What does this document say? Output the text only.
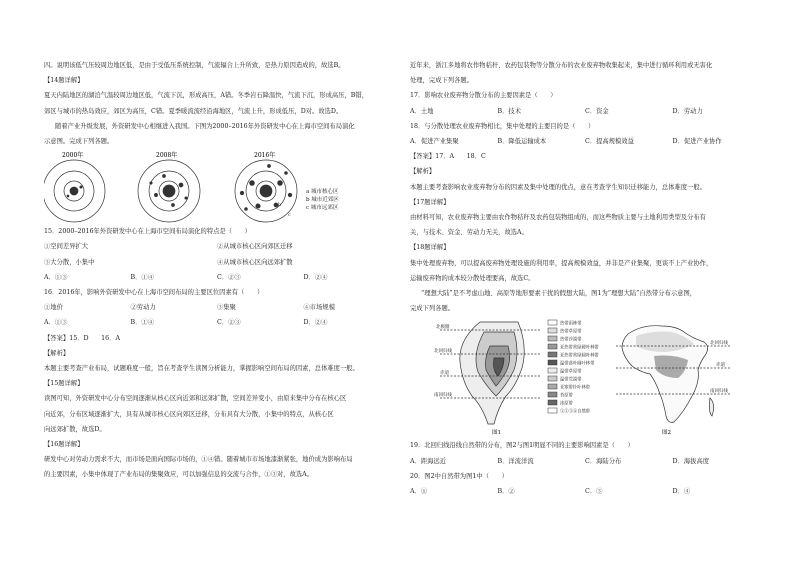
四。说明该低气压较周边地区低，是由于受低压系统控制，气流辐合上升所致，是热力原因造成的，故选B。

【14题详解】

夏天内陆地区的湖泊气温较周边地区低，气流下沉，形成高压，A错。冬季岩石降温快，气流下沉，形成高压，B错，

郊区与城市的热岛效应，郊区为高压，C错。夏季暖流流经沿海地区，气流上升，形成低压，D对。故选D。

随着产业升级发展，外资研发中心相继进入我国。下图为2000–2016年外资研发中心在上海市空间布局演化

示意图。完成下列各题。

2000年	2008年	2016年
a
b
c
a 城市核心区
b 城市近郊区
c 城市远郊区

15．2000–2016年外资研发中心在上海市空间布局演化的特点是（　　）

①空间差异扩大	②从城市核心区向郊区迁移
③大分散，小集中	④从城市核心区向远郊扩散
A．①③	B．①④	C．②③	D．②④

16．2016年，影响外资研发中心在上海市空间布局的主要区位因素有（　　）

①地价	②劳动力	③集聚	④市场规模
A．①③	B．①④	C．②③	D．②④

【答案】15．D　　16．A

【解析】

本题主要考查产业布局，试题难度一般，旨在考查学生读图分析能力，掌握影响空间布局的因素，总体难度一般。

【15题详解】

读图可知，外资研发中心分布空间逐渐从核心区向近郊和远郊扩散，空间差异变小，由原来集中分布在核心区

向近郊，分布区域逐渐扩大，具有从城市核心区向郊区迁移，分布具有大分散，小集中的特点，从核心区

向远郊扩散，故选D。

【16题详解】

研发中心对劳动力需求不大，而市场是面向国际市场的，①④错。随着城市市场地漆渐紧张，地价成为影响布局

的主要因素，小集中体现了产业布局的集聚效应，可以加强信息的交流与合作，①③对，故选A。

近年来，浙江多地将农作物秸秆、农药包装物等分散分布的农业废弃物收集起来，集中进行循环利用或无害化

处理，完成下列各题。

17．影响农业废弃物分散分布的主要因素是（　　）

A．土地	B．技术	C．资金	D．劳动力

18．与分散处理农业废弃物相比，集中处理的主要目的是（　　）

A．促进产业集聚	B．降低运输成本	C．提高规模效益	D．促进产业协作

【答案】17．A　　18．C

【解析】

本题主要考查影响农业废弃物分布的因素及集中处理的优点，意在考查学生知识迁移能力，总体难度一般。

【17题详解】

由材料可知，农业废弃物主要由农作物秸秆及农药包装物组成的，而这些物质主要与土地利用类型及分布有

关，与技术、资金、劳动力无关，故选A。

【18题详解】

集中处理废弃物，可以提高废弃物处理设施的利用率，提高规模效益，并非是产业集聚，更谈不上产业协作，

运输废弃物的成本较分散处理要高，故选C。

“理想大陆”是不考虑山地、高原等地形要素干扰的假想大陆，图1为“理想大陆”自然带分布示意图，

完成下列各题。

北极圈
北回归线
赤道
南回归线
热带雨林带
热带草原带
热带沙漠带
亚热带常绿硬叶林带
亚热带常绿阔叶林带
温带落叶阔叶林带
温带草原带
温带荒漠带
亚寒带针叶林带
苔原带
冰原带
①②③④自然带
图1
北回归线
赤道
南回归线
图2

19．北回归线沿线自然带的分布，图2与图1明显不同的主要影响因素是（　　）

A．距海远近	B．洋流洋流	C．海陆分布	D．海拔高度

20．图2中自然带为图1中（　　）

A．①	B．②	C．③	D．④
